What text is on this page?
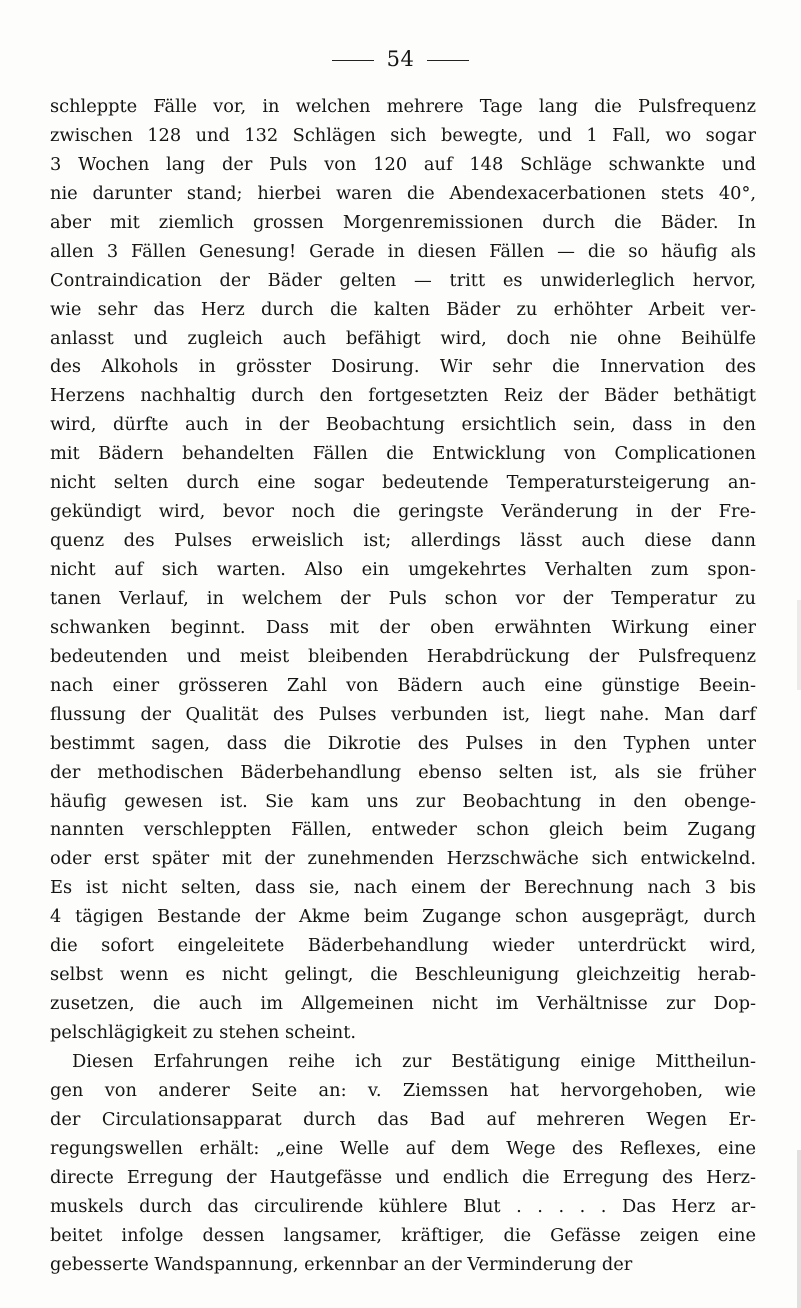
54
schleppte Fälle vor, in welchen mehrere Tage lang die Pulsfrequenz
zwischen 128 und 132 Schlägen sich bewegte, und 1 Fall, wo sogar
3 Wochen lang der Puls von 120 auf 148 Schläge schwankte und
nie darunter stand; hierbei waren die Abendexacerbationen stets 40°,
aber mit ziemlich grossen Morgenremissionen durch die Bäder. In
allen 3 Fällen Genesung! Gerade in diesen Fällen — die so häufig als
Contraindication der Bäder gelten — tritt es unwiderleglich hervor,
wie sehr das Herz durch die kalten Bäder zu erhöhter Arbeit ver-
anlasst und zugleich auch befähigt wird, doch nie ohne Beihülfe
des Alkohols in grösster Dosirung. Wir sehr die Innervation des
Herzens nachhaltig durch den fortgesetzten Reiz der Bäder bethätigt
wird, dürfte auch in der Beobachtung ersichtlich sein, dass in den
mit Bädern behandelten Fällen die Entwicklung von Complicationen
nicht selten durch eine sogar bedeutende Temperatursteigerung an-
gekündigt wird, bevor noch die geringste Veränderung in der Fre-
quenz des Pulses erweislich ist; allerdings lässt auch diese dann
nicht auf sich warten. Also ein umgekehrtes Verhalten zum spon-
tanen Verlauf, in welchem der Puls schon vor der Temperatur zu
schwanken beginnt. Dass mit der oben erwähnten Wirkung einer
bedeutenden und meist bleibenden Herabdrückung der Pulsfrequenz
nach einer grösseren Zahl von Bädern auch eine günstige Beein-
flussung der Qualität des Pulses verbunden ist, liegt nahe. Man darf
bestimmt sagen, dass die Dikrotie des Pulses in den Typhen unter
der methodischen Bäderbehandlung ebenso selten ist, als sie früher
häufig gewesen ist. Sie kam uns zur Beobachtung in den obenge-
nannten verschleppten Fällen, entweder schon gleich beim Zugang
oder erst später mit der zunehmenden Herzschwäche sich entwickelnd.
Es ist nicht selten, dass sie, nach einem der Berechnung nach 3 bis
4 tägigen Bestande der Akme beim Zugange schon ausgeprägt, durch
die sofort eingeleitete Bäderbehandlung wieder unterdrückt wird,
selbst wenn es nicht gelingt, die Beschleunigung gleichzeitig herab-
zusetzen, die auch im Allgemeinen nicht im Verhältnisse zur Dop-
pelschlägigkeit zu stehen scheint.
Diesen Erfahrungen reihe ich zur Bestätigung einige Mittheilun-
gen von anderer Seite an: v. Ziemssen hat hervorgehoben, wie
der Circulationsapparat durch das Bad auf mehreren Wegen Er-
regungswellen erhält: „eine Welle auf dem Wege des Reflexes, eine
directe Erregung der Hautgefässe und endlich die Erregung des Herz-
muskels durch das circulirende kühlere Blut . . . . . Das Herz ar-
beitet infolge dessen langsamer, kräftiger, die Gefässe zeigen eine
gebesserte Wandspannung, erkennbar an der Verminderung der
